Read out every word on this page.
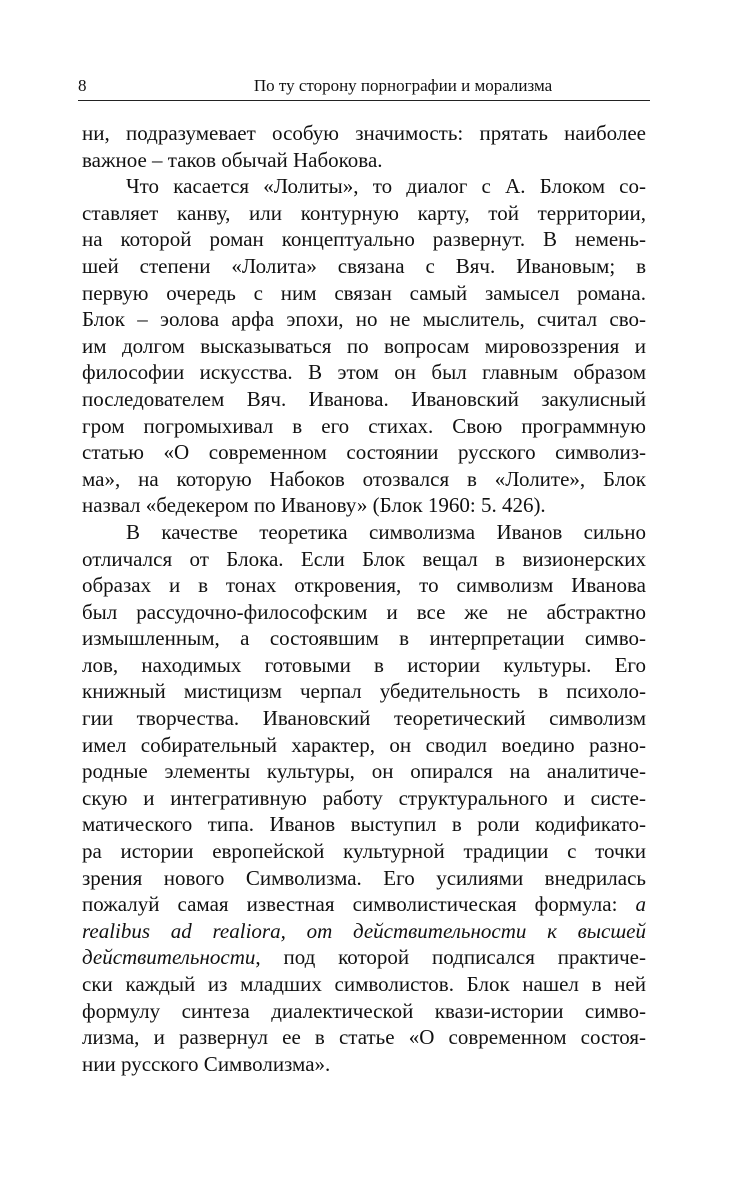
8	По ту сторону порнографии и морализма
ни, подразумевает особую значимость: прятать наиболее
важное – таков обычай Набокова.
Что касается «Лолиты», то диалог с А. Блоком со-
ставляет канву, или контурную карту, той территории,
на которой роман концептуально развернут. В немень-
шей степени «Лолита» связана с Вяч. Ивановым; в
первую очередь с ним связан самый замысел романа.
Блок – эолова арфа эпохи, но не мыслитель, считал сво-
им долгом высказываться по вопросам мировоззрения и
философии искусства. В этом он был главным образом
последователем Вяч. Иванова. Ивановский закулисный
гром погромыхивал в его стихах. Свою программную
статью «О современном состоянии русского символиз-
ма», на которую Набоков отозвался в «Лолите», Блок
назвал «бедекером по Иванову» (Блок 1960: 5. 426).
В качестве теоретика символизма Иванов сильно
отличался от Блока. Если Блок вещал в визионерских
образах и в тонах откровения, то символизм Иванова
был рассудочно-философским и все же не абстрактно
измышленным, а состоявшим в интерпретации симво-
лов, находимых готовыми в истории культуры. Его
книжный мистицизм черпал убедительность в психоло-
гии творчества. Ивановский теоретический символизм
имел собирательный характер, он сводил воедино разно-
родные элементы культуры, он опирался на аналитиче-
скую и интегративную работу структурального и систе-
матического типа. Иванов выступил в роли кодификато-
ра истории европейской культурной традиции с точки
зрения нового Символизма. Его усилиями внедрилась
пожалуй самая известная символистическая формула: a
realibus ad realiora, от действительности к высшей
действительности, под которой подписался практиче-
ски каждый из младших символистов. Блок нашел в ней
формулу синтеза диалектической квази-истории симво-
лизма, и развернул ее в статье «О современном состоя-
нии русского Символизма».
